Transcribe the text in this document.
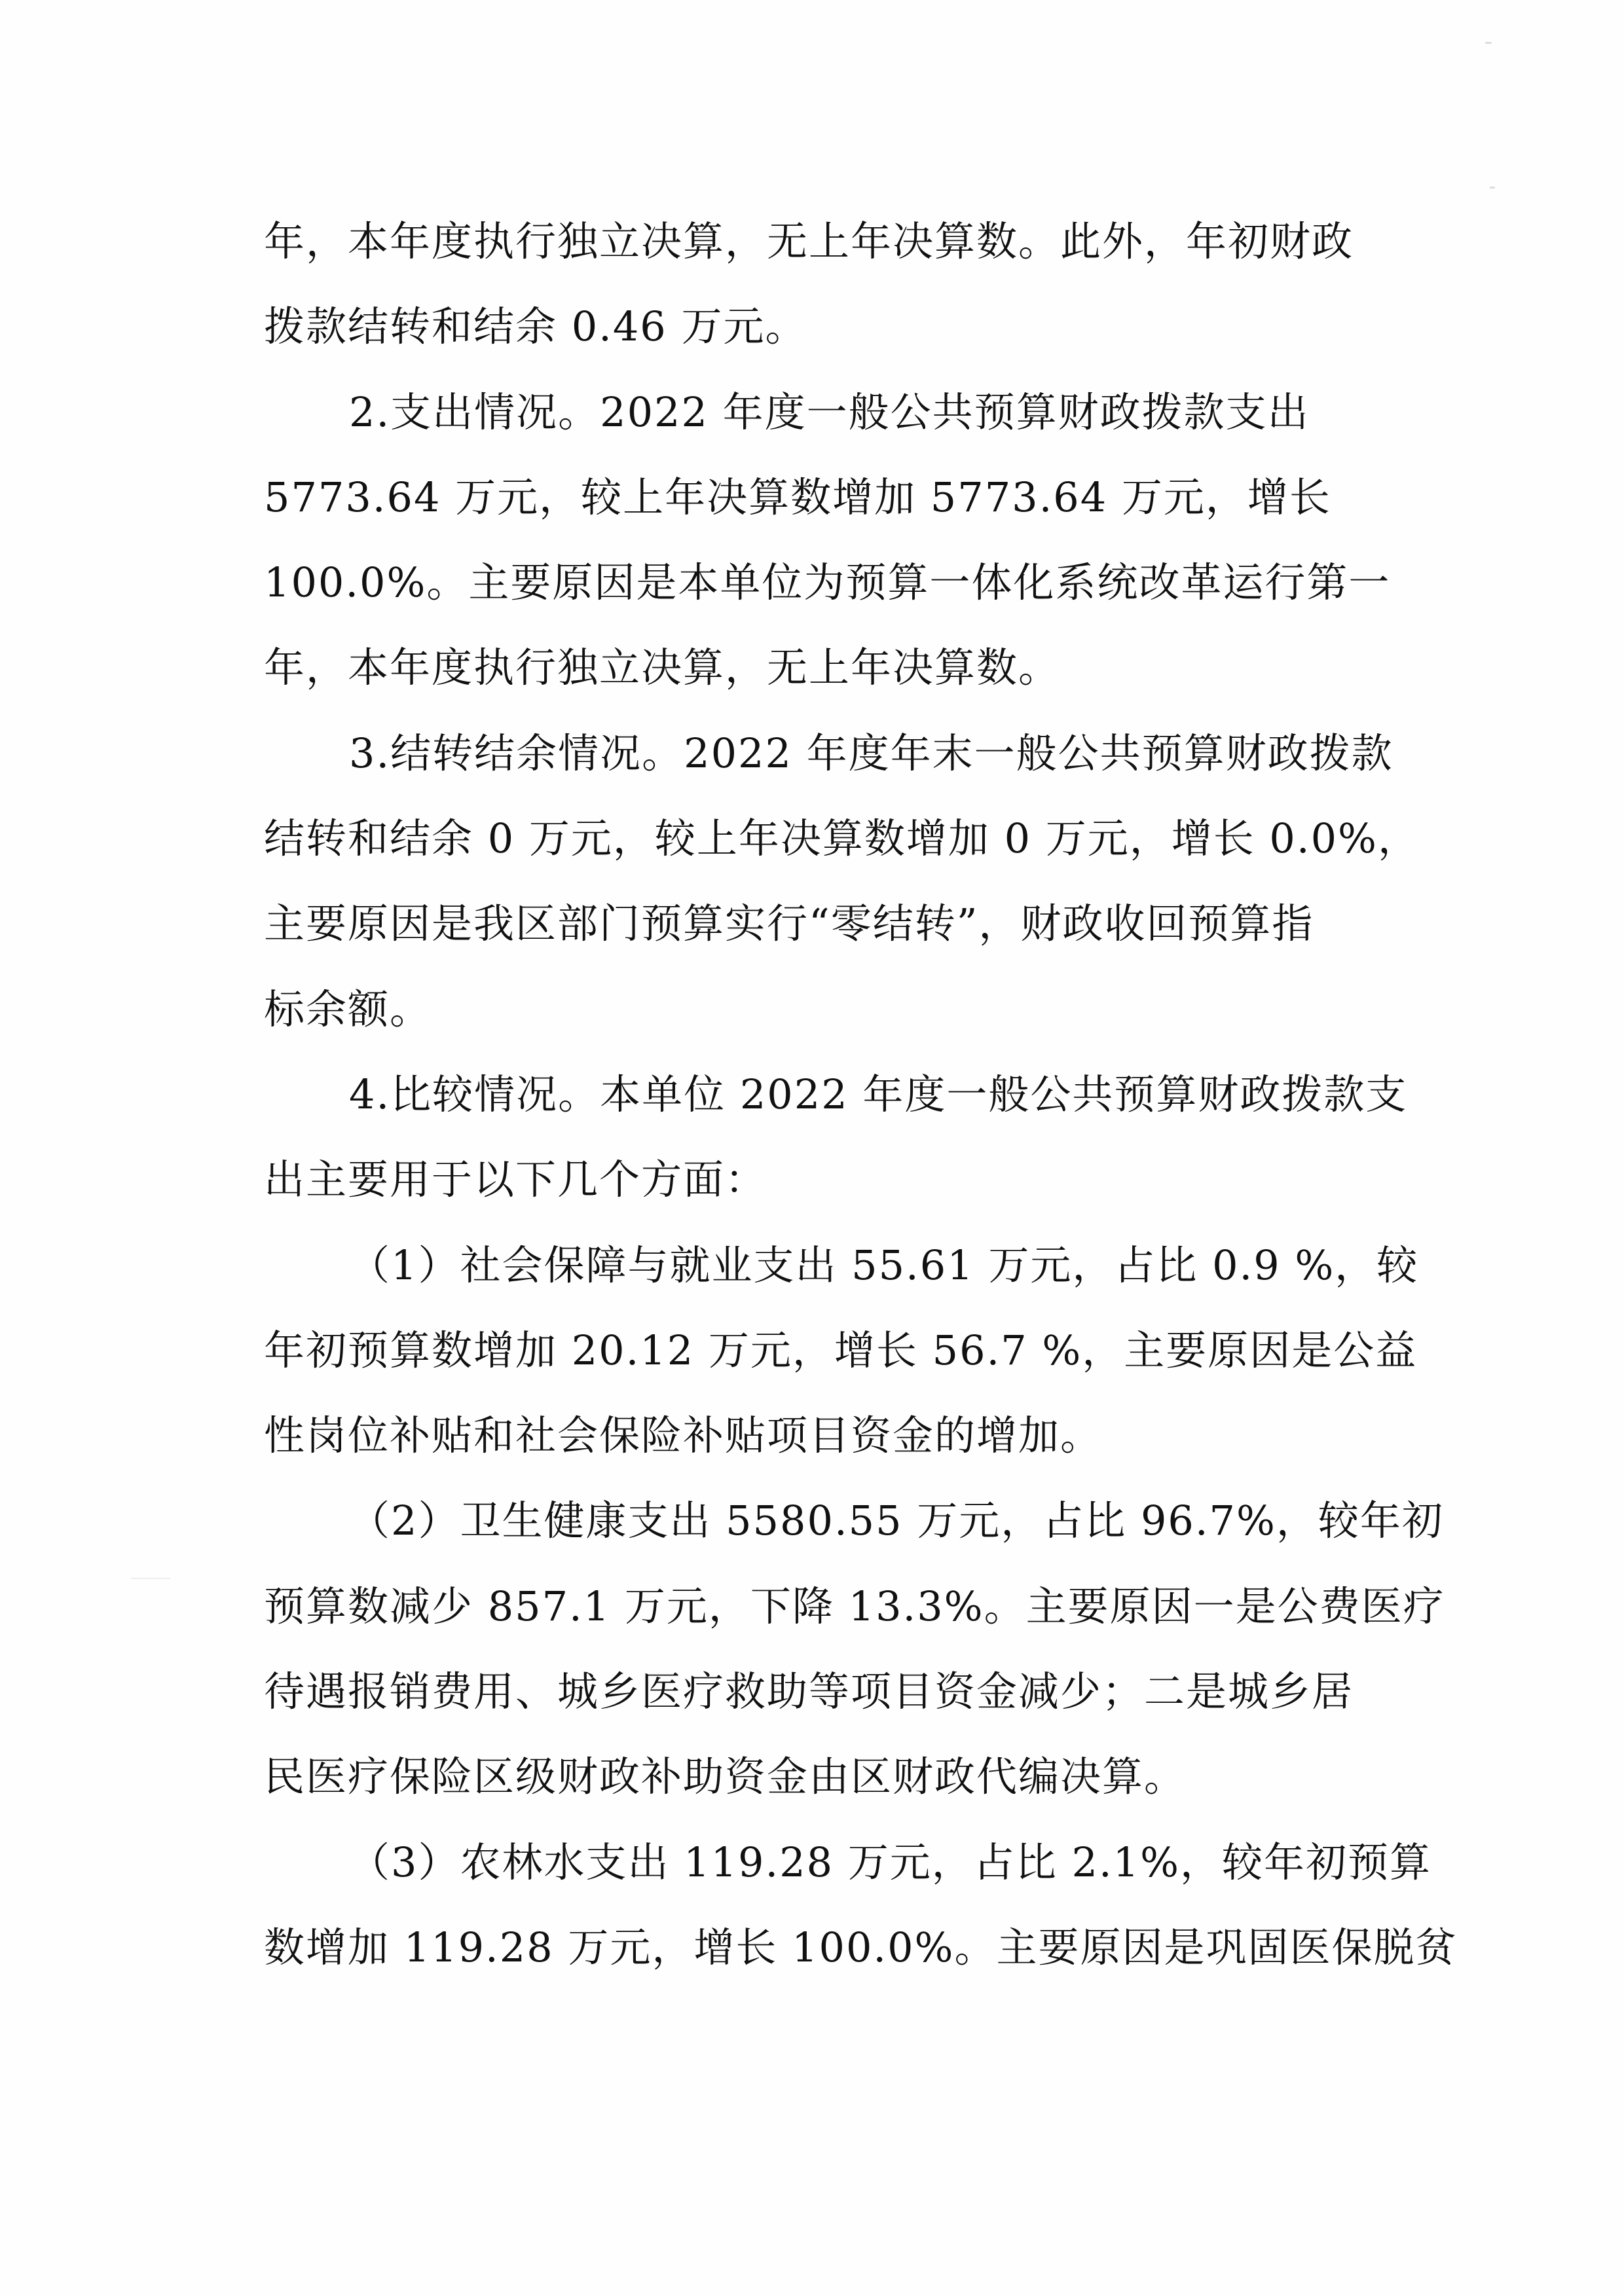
年，本年度执行独立决算，无上年决算数。此外，年初财政
拨款结转和结余 0.46 万元。
2.支出情况。2022 年度一般公共预算财政拨款支出
5773.64 万元，较上年决算数增加 5773.64 万元，增长
100.0%。主要原因是本单位为预算一体化系统改革运行第一
年，本年度执行独立决算，无上年决算数。
3.结转结余情况。2022 年度年末一般公共预算财政拨款
结转和结余 0 万元，较上年决算数增加 0 万元，增长 0.0%，
主要原因是我区部门预算实行“零结转”，财政收回预算指
标余额。
4.比较情况。本单位 2022 年度一般公共预算财政拨款支
出主要用于以下几个方面：
（1）社会保障与就业支出 55.61 万元，占比 0.9 %，较
年初预算数增加 20.12 万元，增长 56.7 %，主要原因是公益
性岗位补贴和社会保险补贴项目资金的增加。
（2）卫生健康支出 5580.55 万元，占比 96.7%，较年初
预算数减少 857.1 万元，下降 13.3%。主要原因一是公费医疗
待遇报销费用、城乡医疗救助等项目资金减少；二是城乡居
民医疗保险区级财政补助资金由区财政代编决算。
（3）农林水支出 119.28 万元，占比 2.1%，较年初预算
数增加 119.28 万元，增长 100.0%。主要原因是巩固医保脱贫
